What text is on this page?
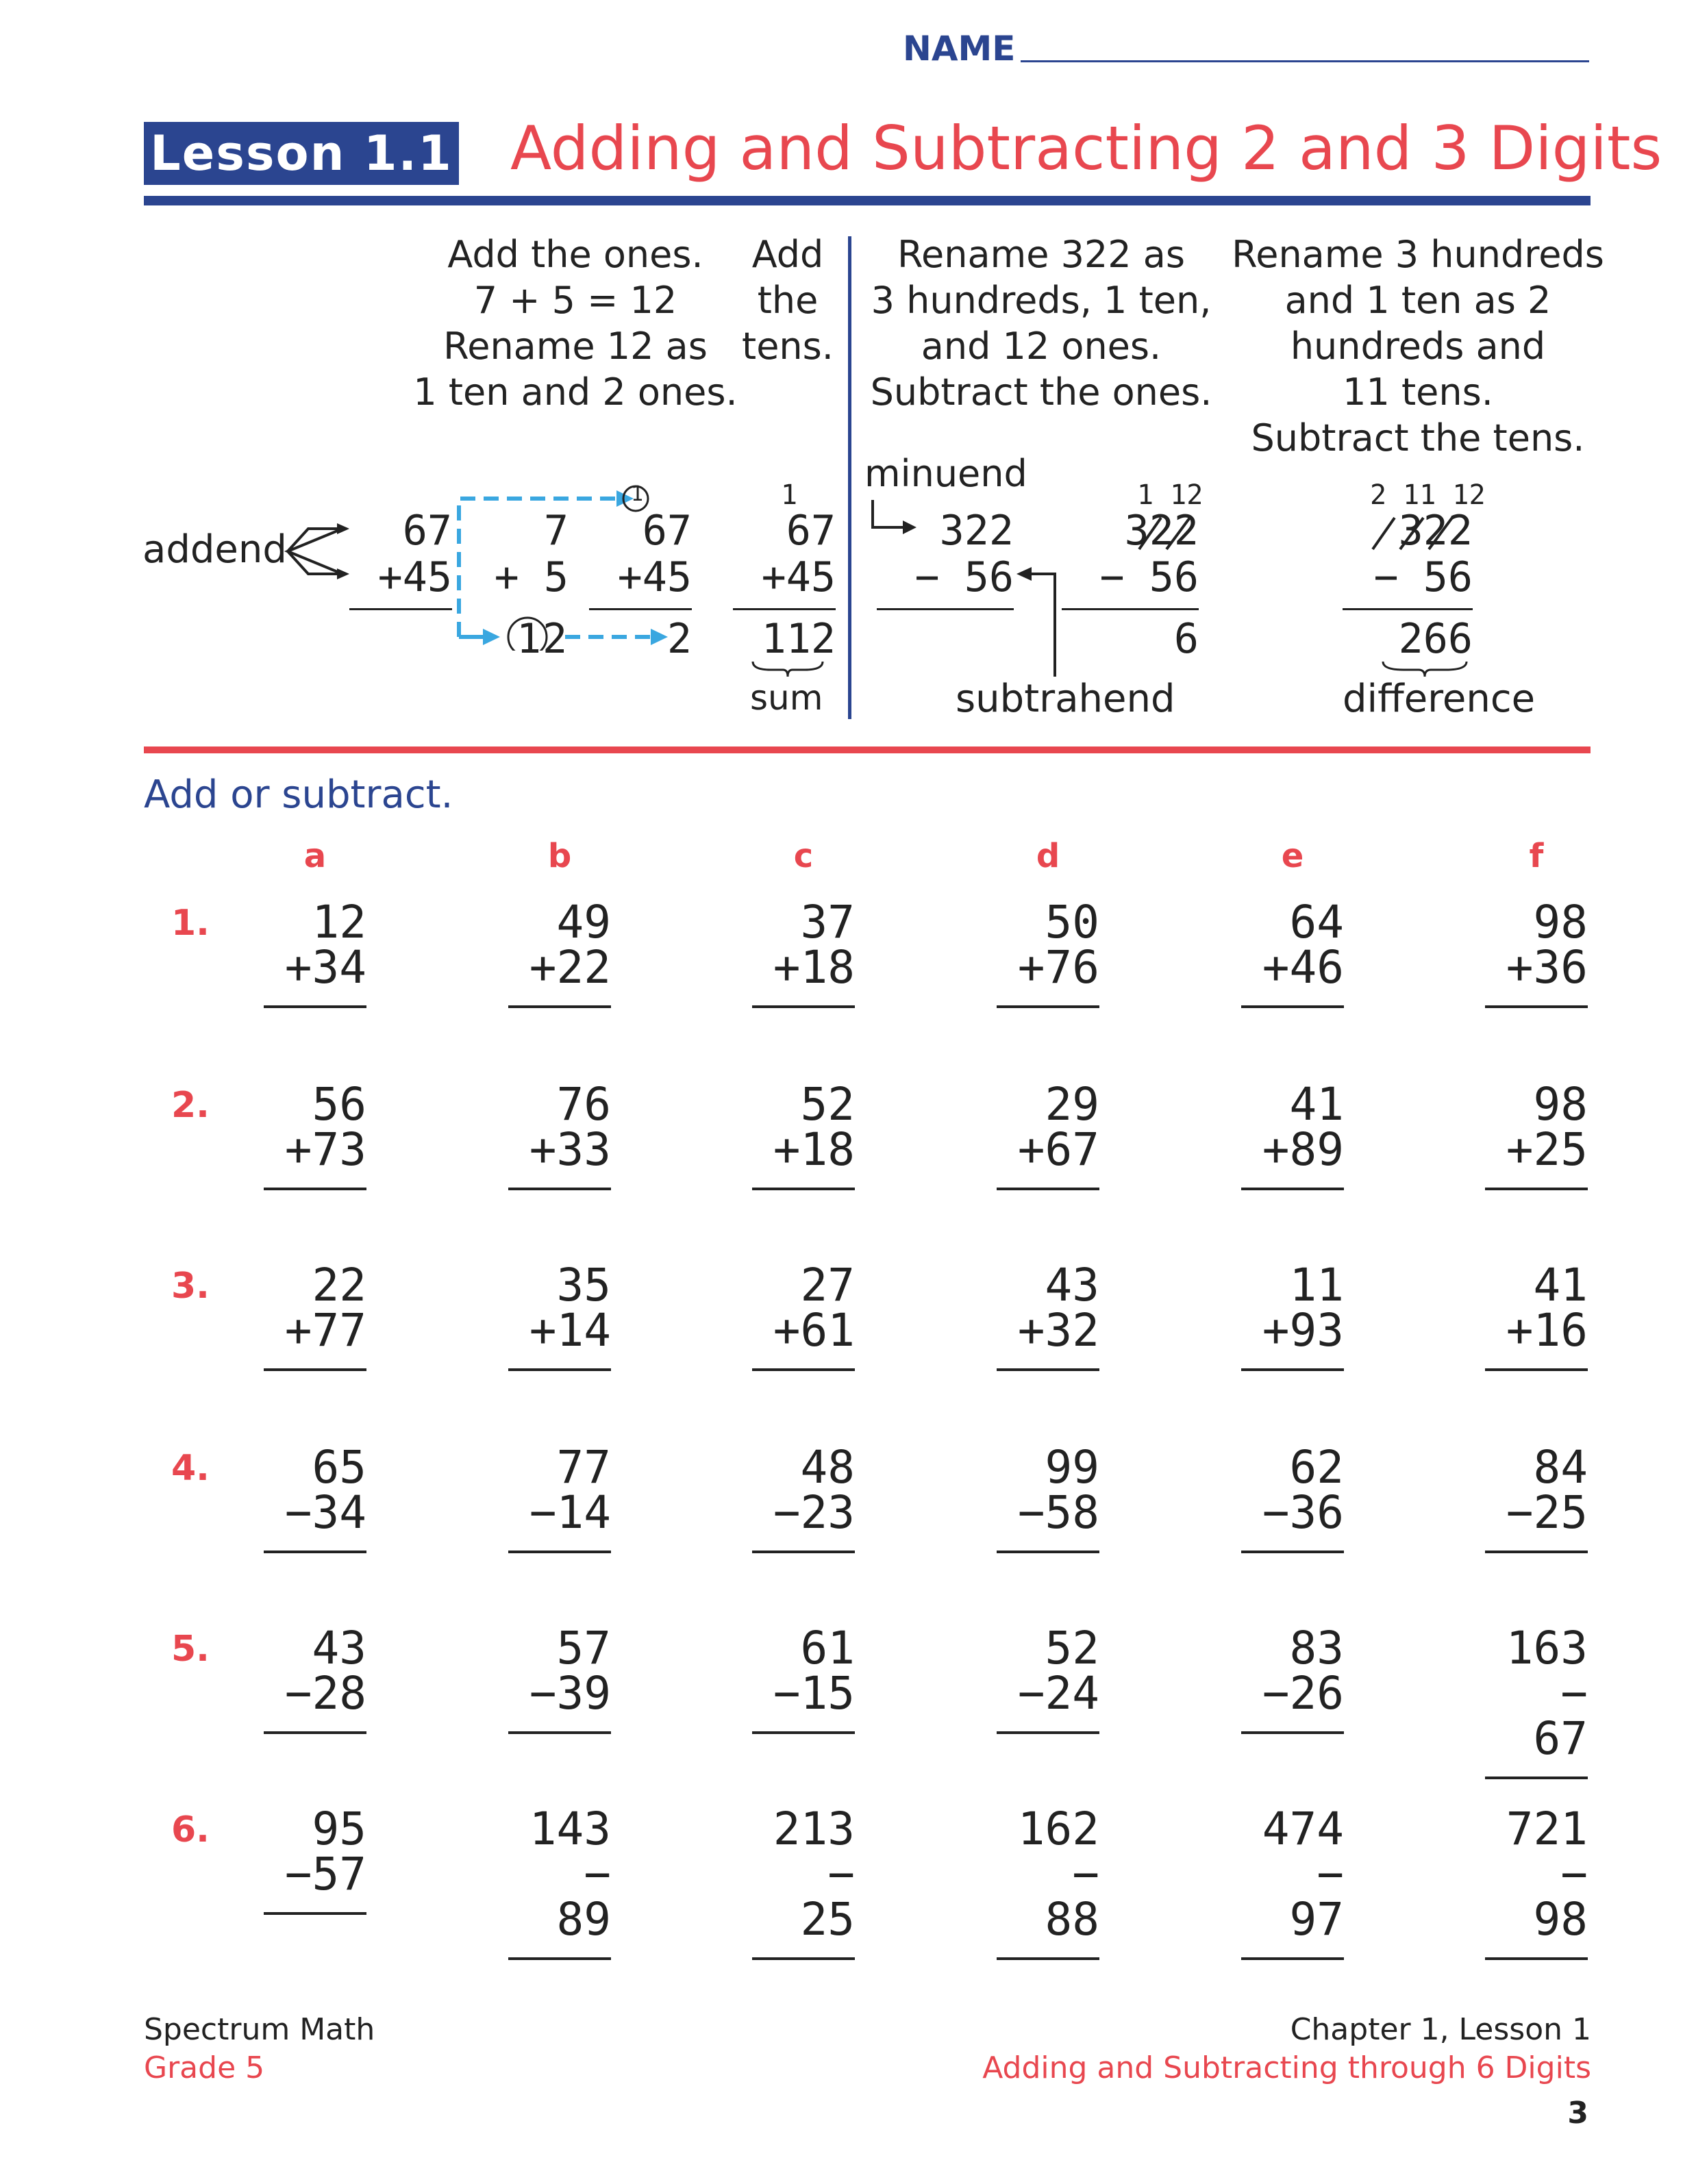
NAME
Lesson 1.1 Adding and Subtracting 2 and 3 Digits
Add the ones.
7 + 5 = 12
Rename 12 as
1 ten and 2 ones.
Add
the
tens.
Rename 322 as
3 hundreds, 1 ten,
and 12 ones.
Subtract the ones.
Rename 3 hundreds
and 1 ten as 2
hundreds and
11 tens.
Subtract the tens.
addend	67
+45
1
7
+ 5
1 2
67
+45
2
1
67
+45
112
sum
minuend
322
− 56
subtrahend
1 12
322
− 56
6
2 11 12
322
− 56
266
difference
Add or subtract.
a	b	c	d	e	f
1.	12
+34
49
+22
37
+18
50
+76
64
+46
98
+36
2.	56
+73
76
+33
52
+18
29
+67
41
+89
98
+25
3.	22
+77
35
+14
27
+61
43
+32
11
+93
41
+16
4.	65
−34
77
−14
48
−23
99
−58
62
−36
84
−25
5.	43
−28
57
−39
61
−15
52
−24
83
−26
163
− 67
6.	95
−57
143
− 89
213
− 25
162
− 88
474
− 97
721
− 98
Spectrum Math
Grade 5
Chapter 1, Lesson 1
Adding and Subtracting through 6 Digits
3
